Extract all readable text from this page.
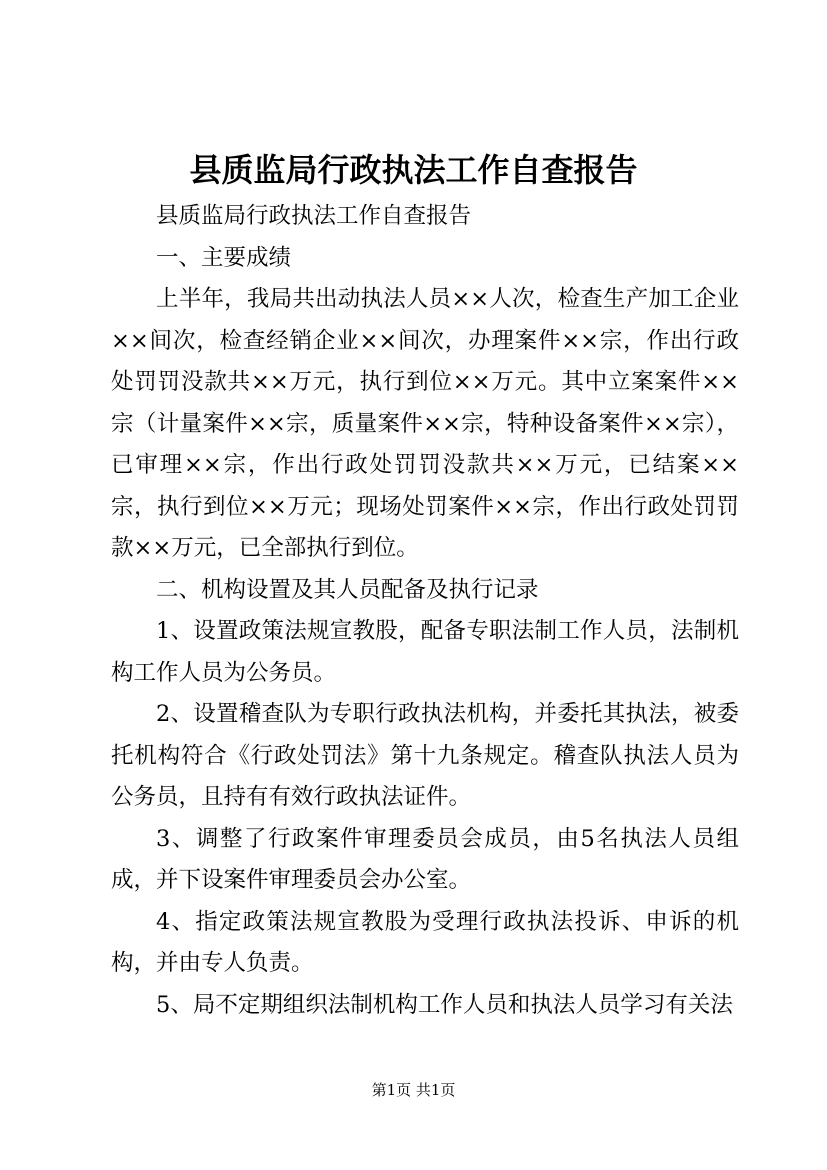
县质监局行政执法工作自查报告

县质监局行政执法工作自查报告

一、主要成绩

上半年，我局共出动执法人员××人次，检查生产加工企业××间次，检查经销企业××间次，办理案件××宗，作出行政处罚罚没款共××万元，执行到位××万元。其中立案案件××宗（计量案件××宗，质量案件××宗，特种设备案件××宗），已审理××宗，作出行政处罚罚没款共××万元，已结案××宗，执行到位××万元；现场处罚案件××宗，作出行政处罚罚款××万元，已全部执行到位。

二、机构设置及其人员配备及执行记录

1、设置政策法规宣教股，配备专职法制工作人员，法制机构工作人员为公务员。

2、设置稽查队为专职行政执法机构，并委托其执法，被委托机构符合《行政处罚法》第十九条规定。稽查队执法人员为公务员，且持有有效行政执法证件。

3、调整了行政案件审理委员会成员，由5名执法人员组成，并下设案件审理委员会办公室。

4、指定政策法规宣教股为受理行政执法投诉、申诉的机构，并由专人负责。

5、局不定期组织法制机构工作人员和执法人员学习有关法

第1页 共1页
